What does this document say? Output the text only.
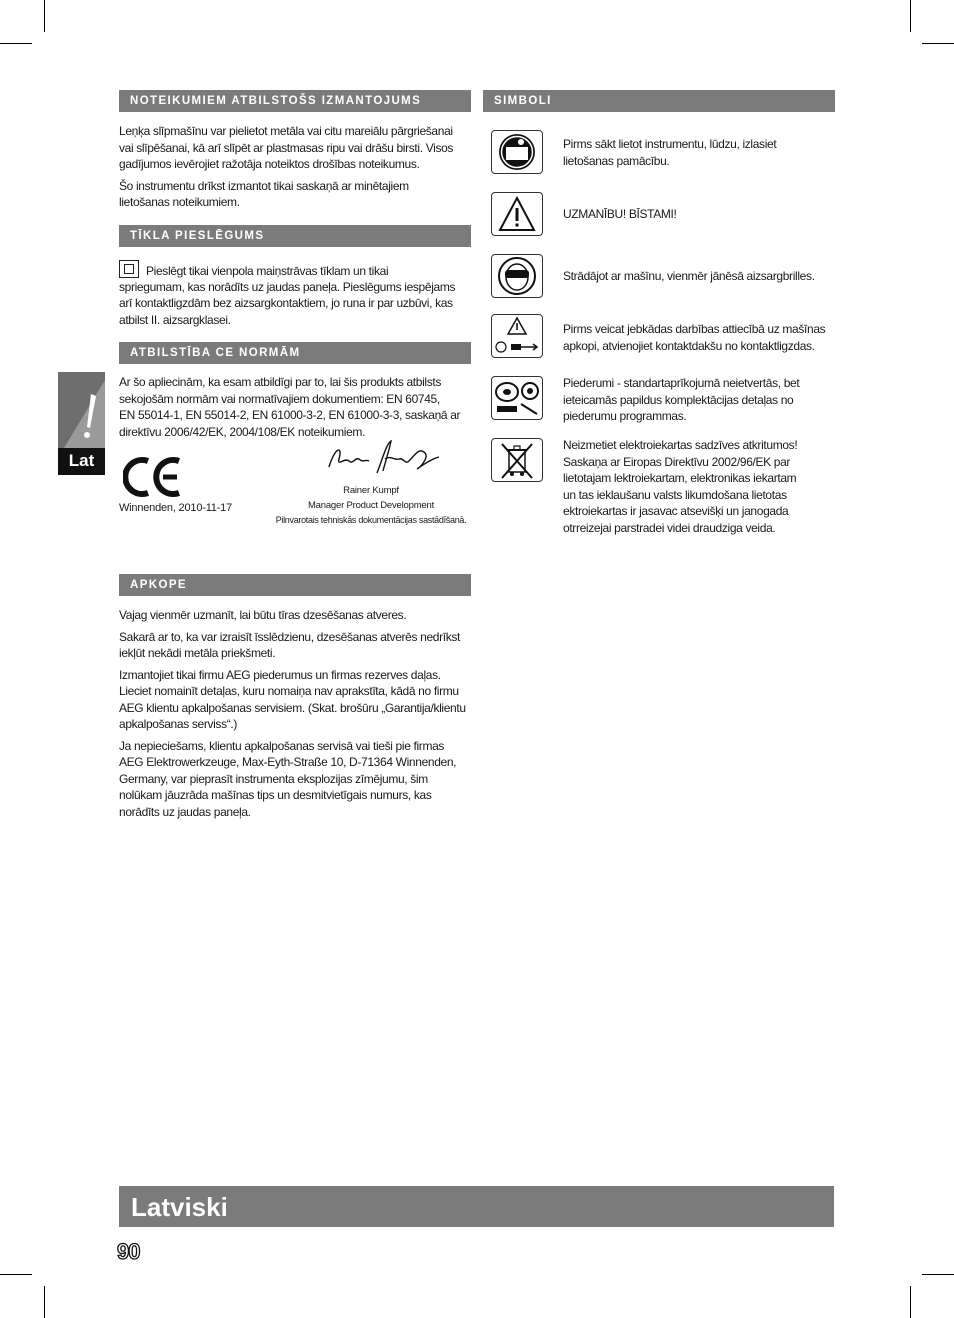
NOTEIKUMIEM ATBILSTOŠS IZMANTOJUMS

Leņķa slīpmašīnu var pielietot metāla vai citu mareiālu pārgriešanai
vai slīpēšanai, kā arī slīpēt ar plastmasas ripu vai drāšu birsti. Visos
gadījumos ievērojiet ražotāja noteiktos drošības noteikumus.

Šo instrumentu drīkst izmantot tikai saskaņā ar minētajiem
lietošanas noteikumiem.

TĪKLA PIESLĒGUMS
Pieslēgt tikai vienpola maiņstrāvas tīklam un tikai

spriegumam, kas norādīts uz jaudas paneļa. Pieslēgums iespējams
arī kontaktligzdām bez aizsargkontaktiem, jo runa ir par uzbūvi, kas
atbilst II. aizsargklasei.

ATBILSTĪBA CE NORMĀM

Ar šo apliecinām, ka esam atbildīgi par to, lai šis produkts atbilsts
sekojošām normām vai normatīvajiem dokumentiem: EN 60745,
EN 55014-1, EN 55014-2, EN 61000-3-2, EN 61000-3-3, saskaņā ar
direktīvu 2006/42/EK, 2004/108/EK noteikumiem.

Winnenden, 2010-11-17
Rainer Kumpf
Manager Product Development
Pilnvarotais tehniskās dokumentācijas sastādīšanā.
APKOPE

Vajag vienmēr uzmanīt, lai būtu tīras dzesēšanas atveres.

Sakarā ar to, ka var izraisīt īsslēdzienu, dzesēšanas atverēs nedrīkst
iekļūt nekādi metāla priekšmeti.

Izmantojiet tikai firmu AEG piederumus un firmas rezerves daļas.
Lieciet nomainīt detaļas, kuru nomaiņa nav aprakstīta, kādā no firmu
AEG klientu apkalpošanas servisiem. (Skat. brošūru „Garantija/klientu
apkalpošanas serviss“.)

Ja nepieciešams, klientu apkalpošanas servisā vai tieši pie firmas
AEG Elektrowerkzeuge, Max-Eyth-Straße 10, D-71364 Winnenden,
Germany, var pieprasīt instrumenta eksplozijas zīmējumu, šim
nolūkam jāuzrāda mašīnas tips un desmitvietīgais numurs, kas
norādīts uz jaudas paneļa.

SIMBOLI
Pirms sākt lietot instrumentu, lūdzu, izlasiet
lietošanas pamācību.
UZMANĪBU! BĪSTAMI!
Strādājot ar mašīnu, vienmēr jānēsā aizsargbrilles.
Pirms veicat jebkādas darbības attiecībā uz mašīnas
apkopi, atvienojiet kontaktdakšu no kontaktligzdas.
Piederumi - standartaprīkojumā neietvertās, bet
ieteicamās papildus komplektācijas detaļas no
piederumu programmas.
Neizmetiet elektroiekartas sadzīves atkritumos!
Saskaņa ar Eiropas Direktīvu 2002/96/EK par
lietotajam lektroiekartam, elektronikas iekartam
un tas ieklaušanu valsts likumdošana lietotas
ektroiekartas ir jasavac atsevišķi un janogada
otrreizejai parstradei videi draudziga veida.
Lat
Latviski
90
